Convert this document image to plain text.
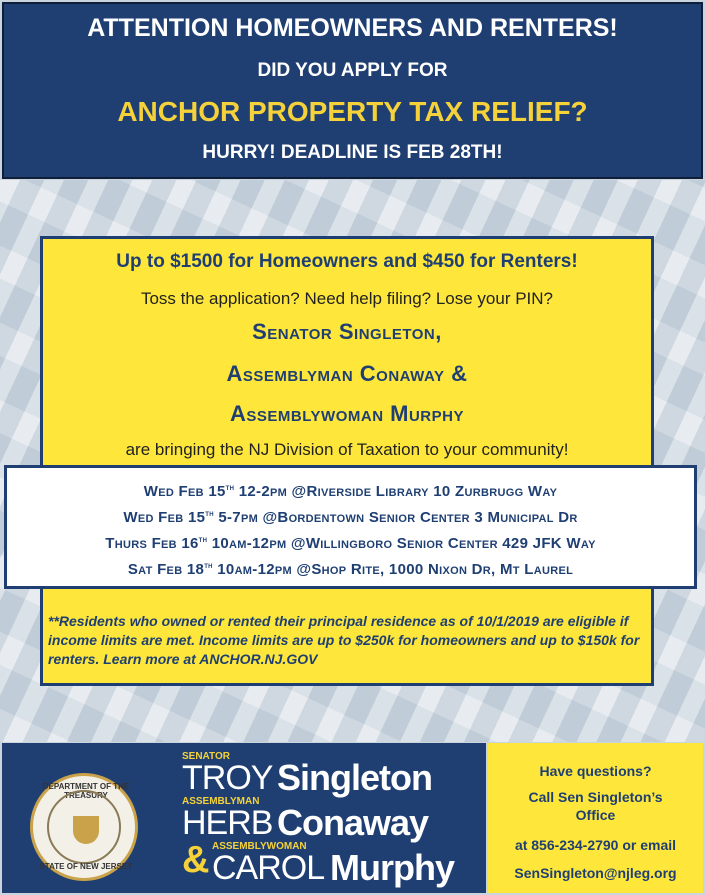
ATTENTION HOMEOWNERS AND RENTERS!
DID YOU APPLY FOR
ANCHOR PROPERTY TAX RELIEF?
HURRY! DEADLINE IS FEB 28TH!
Up to $1500 for Homeowners and $450 for Renters!
Toss the application? Need help filing? Lose your PIN?
Senator Singleton,
Assemblyman Conaway &
Assemblywoman Murphy
are bringing the NJ Division of Taxation to your community!
Wed Feb 15th 12-2pm @Riverside Library 10 Zurbrugg Way
Wed Feb 15th 5-7pm @Bordentown Senior Center 3 Municipal Dr
Thurs Feb 16th 10am-12pm @Willingboro Senior Center 429 JFK Way
Sat Feb 18th 10am-12pm @Shop Rite, 1000 Nixon Dr, Mt Laurel
**Residents who owned or rented their principal residence as of 10/1/2019 are eligible if income limits are met. Income limits are up to $250k for homeowners and up to $150k for renters. Learn more at ANCHOR.NJ.GOV
DEPARTMENT OF THE TREASURY
STATE OF NEW JERSEY
SENATOR
TROY Singleton
ASSEMBLYMAN
HERB Conaway
& ASSEMBLYWOMAN
CAROL Murphy
Have questions?
Call Sen Singleton’s
Office
at 856-234-2790 or email
SenSingleton@njleg.org
